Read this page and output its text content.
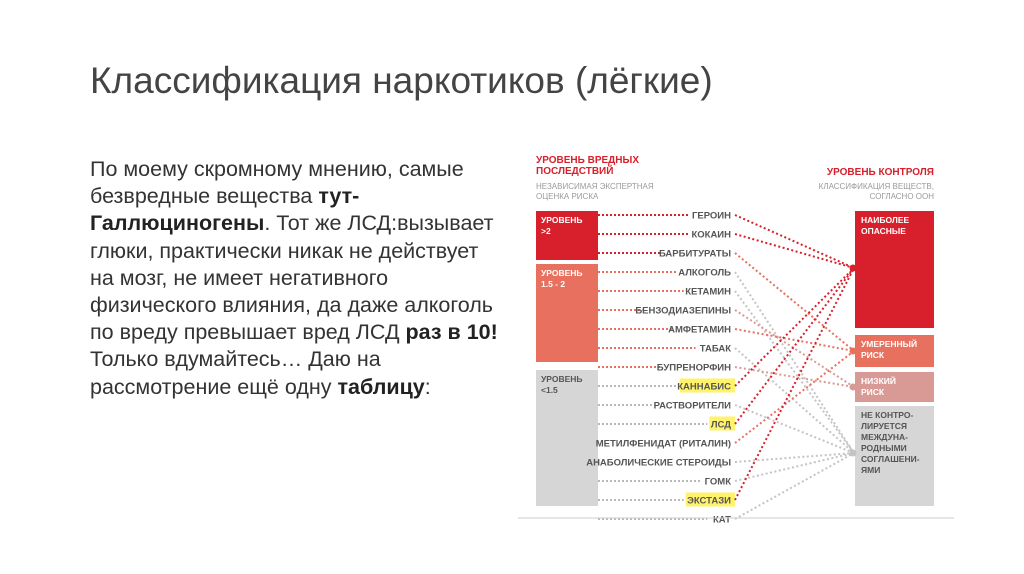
Классификация наркотиков (лёгкие)
По моему скромному мнению, самые безвредные вещества тут-Галлюциногены. Тот же ЛСД:вызывает глюки, практически никак не действует на мозг, не имеет негативного физического влияния, да даже алкоголь по вреду превышает вред ЛСД раз в 10! Только вдумайтесь… Даю на рассмотрение ещё одну таблицу:
УРОВЕНЬ ВРЕДНЫХ
ПОСЛЕДСТВИЙ
НЕЗАВИСИМАЯ ЭКСПЕРТНАЯ
ОЦЕНКА РИСКА
УРОВЕНЬ КОНТРОЛЯ
КЛАССИФИКАЦИЯ ВЕЩЕСТВ,
СОГЛАСНО ООН
УРОВЕНЬ
>2
УРОВЕНЬ
1.5 - 2
УРОВЕНЬ
<1.5
НАИБОЛЕЕ
ОПАСНЫЕ
УМЕРЕННЫЙ
РИСК
НИЗКИЙ
РИСК
НЕ КОНТРО-
ЛИРУЕТСЯ
МЕЖДУНА-
РОДНЫМИ
СОГЛАШЕНИ-
ЯМИ
ГЕРОИН
КОКАИН
БАРБИТУРАТЫ
АЛКОГОЛЬ
КЕТАМИН
БЕНЗОДИАЗЕПИНЫ
АМФЕТАМИН
ТАБАК
БУПРЕНОРФИН
КАННАБИС
РАСТВОРИТЕЛИ
ЛСД
МЕТИЛФЕНИДАТ (РИТАЛИН)
АНАБОЛИЧЕСКИЕ СТЕРОИДЫ
ГОМК
ЭКСТАЗИ
КАТ
